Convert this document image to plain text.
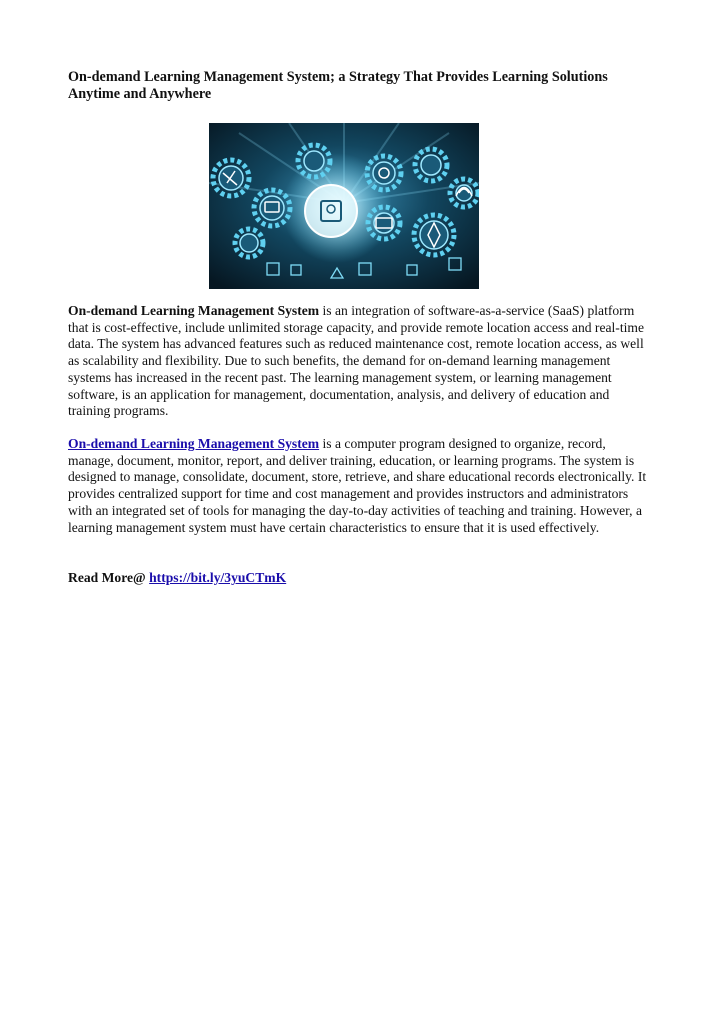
On-demand Learning Management System; a Strategy That Provides Learning Solutions Anytime and Anywhere

On-demand Learning Management System is an integration of software-as-a-service (SaaS) platform that is cost-effective, include unlimited storage capacity, and provide remote location access and real-time data. The system has advanced features such as reduced maintenance cost, remote location access, as well as scalability and flexibility. Due to such benefits, the demand for on-demand learning management systems has increased in the recent past. The learning management system, or learning management software, is an application for management, documentation, analysis, and delivery of education and training programs.

On-demand Learning Management System is a computer program designed to organize, record, manage, document, monitor, report, and deliver training, education, or learning programs. The system is designed to manage, consolidate, document, store, retrieve, and share educational records electronically. It provides centralized support for time and cost management and provides instructors and administrators with an integrated set of tools for managing the day-to-day activities of teaching and training. However, a learning management system must have certain characteristics to ensure that it is used effectively.

Read More@ https://bit.ly/3yuCTmK
